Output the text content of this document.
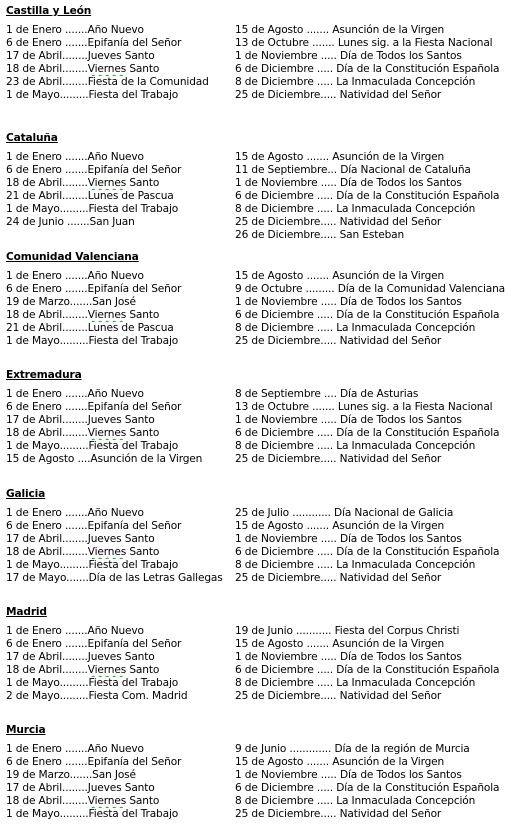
Castilla y León
1 de Enero .......Año Nuevo	15 de Agosto ....... Asunción de la Virgen
6 de Enero .......Epifanía del Señor	13 de Octubre ....... Lunes sig. a la Fiesta Nacional
17 de Abril........Jueves Santo	1 de Noviembre ..... Día de Todos los Santos
18 de Abril........Viernes Santo	6 de Diciembre ..... Día de la Constitución Española
23 de Abril........Fiesta de la Comunidad	8 de Diciembre ..... La Inmaculada Concepción
1 de Mayo.........Fiesta del Trabajo	25 de Diciembre..... Natividad del Señor
Cataluña
1 de Enero .......Año Nuevo	15 de Agosto ....... Asunción de la Virgen
6 de Enero .......Epifanía del Señor	11 de Septiembre... Día Nacional de Cataluña
18 de Abril........Viernes Santo	1 de Noviembre ..... Día de Todos los Santos
21 de Abril........Lunes de Pascua	6 de Diciembre ..... Día de la Constitución Española
1 de Mayo.........Fiesta del Trabajo	8 de Diciembre ..... La Inmaculada Concepción
24 de Junio .......San Juan	25 de Diciembre..... Natividad del Señor
26 de Diciembre..... San Esteban
Comunidad Valenciana
1 de Enero .......Año Nuevo	15 de Agosto ....... Asunción de la Virgen
6 de Enero .......Epifanía del Señor	9 de Octubre ......... Día de la Comunidad Valenciana
19 de Marzo.......San José	1 de Noviembre ..... Día de Todos los Santos
18 de Abril........Viernes Santo	6 de Diciembre ..... Día de la Constitución Española
21 de Abril........Lunes de Pascua	8 de Diciembre ..... La Inmaculada Concepción
1 de Mayo.........Fiesta del Trabajo	25 de Diciembre..... Natividad del Señor
Extremadura
1 de Enero .......Año Nuevo	8 de Septiembre .... Día de Asturias
6 de Enero .......Epifanía del Señor	13 de Octubre ....... Lunes sig. a la Fiesta Nacional
17 de Abril........Jueves Santo	1 de Noviembre ..... Día de Todos los Santos
18 de Abril........Viernes Santo	6 de Diciembre ..... Día de la Constitución Española
1 de Mayo.........Fiesta del Trabajo	8 de Diciembre ..... La Inmaculada Concepción
15 de Agosto ....Asunción de la Virgen	25 de Diciembre..... Natividad del Señor
Galicia
1 de Enero .......Año Nuevo	25 de Julio ............ Día Nacional de Galicia
6 de Enero .......Epifanía del Señor	15 de Agosto ....... Asunción de la Virgen
17 de Abril........Jueves Santo	1 de Noviembre ..... Día de Todos los Santos
18 de Abril........Viernes Santo	6 de Diciembre ..... Día de la Constitución Española
1 de Mayo.........Fiesta del Trabajo	8 de Diciembre ..... La Inmaculada Concepción
17 de Mayo.......Día de las Letras Gallegas	25 de Diciembre..... Natividad del Señor
Madrid
1 de Enero .......Año Nuevo	19 de Junio ........... Fiesta del Corpus Christi
6 de Enero .......Epifanía del Señor	15 de Agosto ....... Asunción de la Virgen
17 de Abril........Jueves Santo	1 de Noviembre ..... Día de Todos los Santos
18 de Abril........Viernes Santo	6 de Diciembre ..... Día de la Constitución Española
1 de Mayo.........Fiesta del Trabajo	8 de Diciembre ..... La Inmaculada Concepción
2 de Mayo.........Fiesta Com. Madrid	25 de Diciembre..... Natividad del Señor
Murcia
1 de Enero .......Año Nuevo	9 de Junio ............. Día de la región de Murcia
6 de Enero .......Epifanía del Señor	15 de Agosto ....... Asunción de la Virgen
19 de Marzo.......San José	1 de Noviembre ..... Día de Todos los Santos
17 de Abril........Jueves Santo	6 de Diciembre ..... Día de la Constitución Española
18 de Abril........Viernes Santo	8 de Diciembre ..... La Inmaculada Concepción
1 de Mayo.........Fiesta del Trabajo	25 de Diciembre..... Natividad del Señor
